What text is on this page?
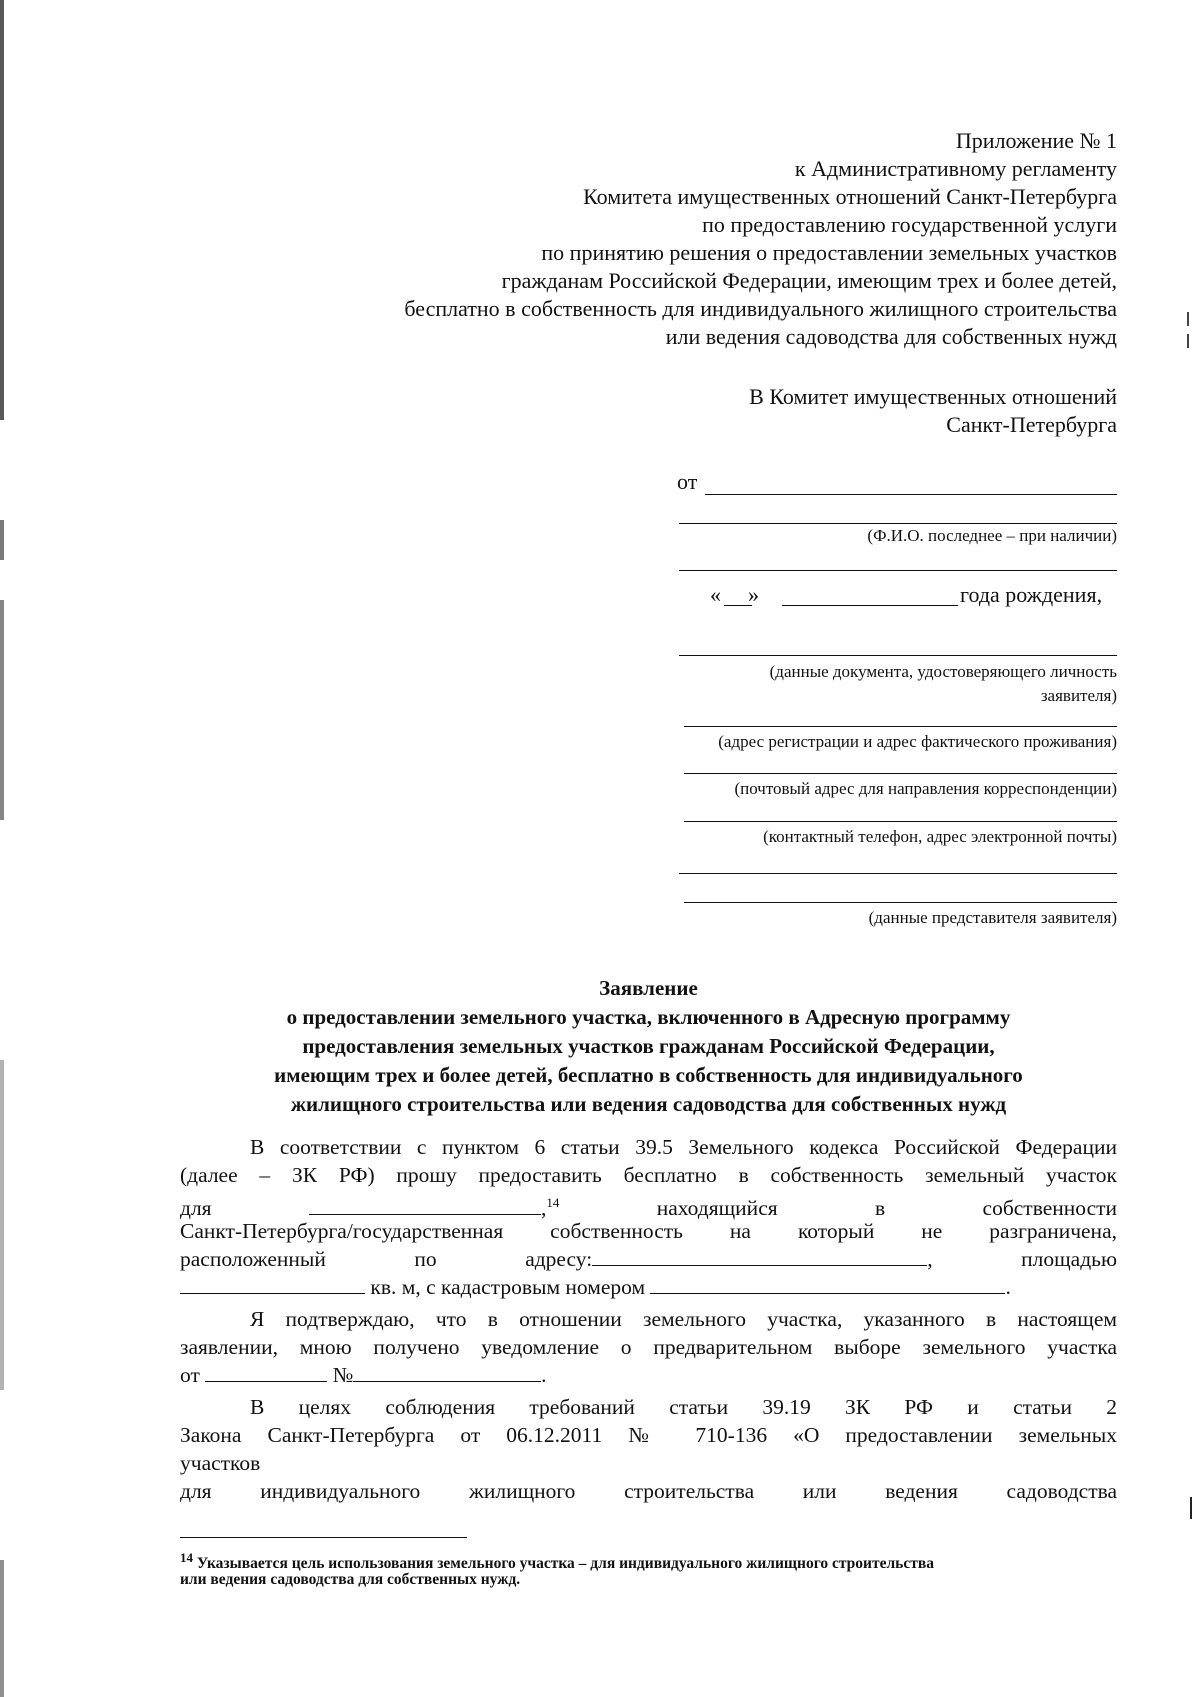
Приложение № 1
к Административному регламенту
Комитета имущественных отношений Санкт-Петербурга
по предоставлению государственной услуги
по принятию решения о предоставлении земельных участков
гражданам Российской Федерации, имеющим трех и более детей,
бесплатно в собственность для индивидуального жилищного строительства
или ведения садоводства для собственных нужд
В Комитет имущественных отношений
Санкт-Петербурга
от
(Ф.И.О. последнее – при наличии)
« »	года рождения,
(данные документа, удостоверяющего личность
заявителя)
(адрес регистрации и адрес фактического проживания)
(почтовый адрес для направления корреспонденции)
(контактный телефон, адрес электронной почты)
(данные представителя заявителя)
Заявление
о предоставлении земельного участка, включенного в Адресную программу
предоставления земельных участков гражданам Российской Федерации,
имеющим трех и более детей, бесплатно в собственность для индивидуального
жилищного строительства или ведения садоводства для собственных нужд
В соответствии с пунктом 6 статьи 39.5 Земельного кодекса Российской Федерации
(далее – ЗК РФ) прошу предоставить бесплатно в собственность земельный участок
для	,$^{14}$	находящийся	в	собственности
Санкт-Петербурга/государственная собственность на который не разграничена,
расположенный	по	адресу:	, площадью
кв. м, с кадастровым номером	.
Я подтверждаю, что в отношении земельного участка, указанного в настоящем
заявлении, мною получено уведомление о предварительном выборе земельного участка
от	№	.
В целях соблюдения требований статьи 39.19 ЗК РФ и статьи 2
Закона Санкт-Петербурга от 06.12.2011 № 710-136 «О предоставлении земельных
участков
для индивидуального жилищного строительства или ведения садоводства
$^{14}$ Указывается цель использования земельного участка – для индивидуального жилищного строительства
или ведения садоводства для собственных нужд.
